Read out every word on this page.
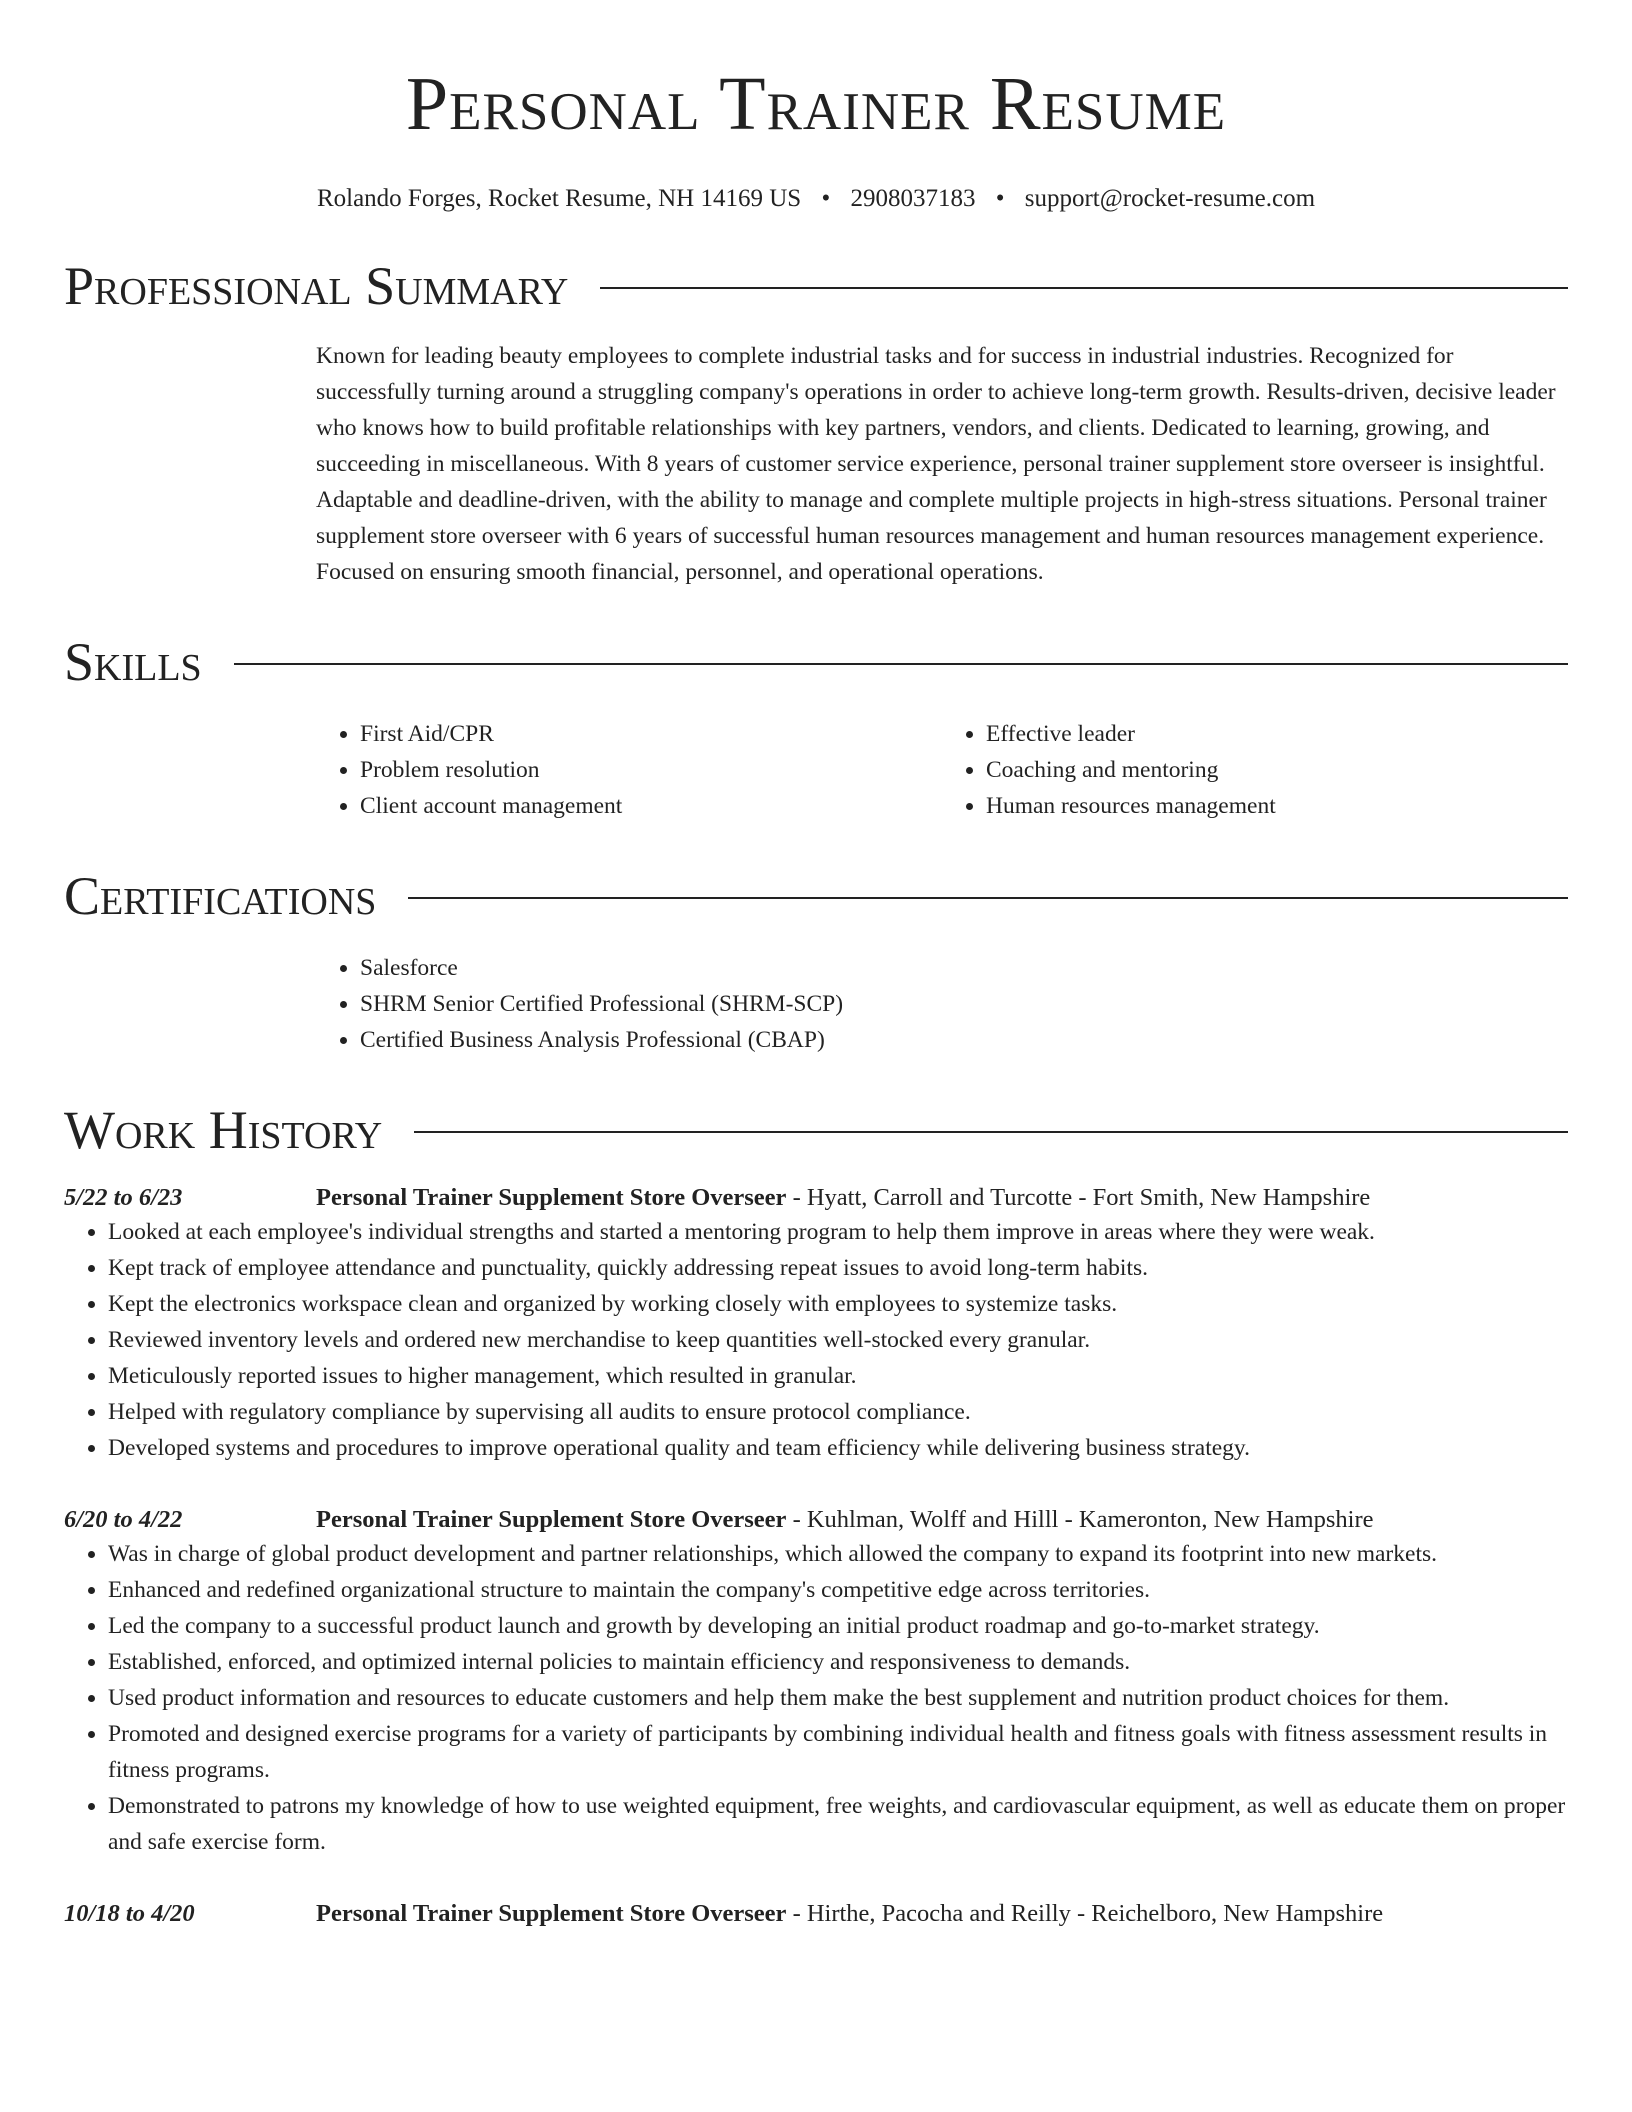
Personal Trainer Resume
Rolando Forges, Rocket Resume, NH 14169 US • 2908037183 • support@rocket-resume.com
Professional Summary

Known for leading beauty employees to complete industrial tasks and for success in industrial industries. Recognized for successfully turning around a struggling company's operations in order to achieve long-term growth. Results-driven, decisive leader who knows how to build profitable relationships with key partners, vendors, and clients. Dedicated to learning, growing, and succeeding in miscellaneous. With 8 years of customer service experience, personal trainer supplement store overseer is insightful. Adaptable and deadline-driven, with the ability to manage and complete multiple projects in high-stress situations. Personal trainer supplement store overseer with 6 years of successful human resources management and human resources management experience. Focused on ensuring smooth financial, personnel, and operational operations.

Skills
• First Aid/CPR
• Problem resolution
• Client account management
• Effective leader
• Coaching and mentoring
• Human resources management
Certifications
• Salesforce
• SHRM Senior Certified Professional (SHRM-SCP)
• Certified Business Analysis Professional (CBAP)
Work History
5/22 to 6/23	Personal Trainer Supplement Store Overseer - Hyatt, Carroll and Turcotte - Fort Smith, New Hampshire
• Looked at each employee's individual strengths and started a mentoring program to help them improve in areas where they were weak.
• Kept track of employee attendance and punctuality, quickly addressing repeat issues to avoid long-term habits.
• Kept the electronics workspace clean and organized by working closely with employees to systemize tasks.
• Reviewed inventory levels and ordered new merchandise to keep quantities well-stocked every granular.
• Meticulously reported issues to higher management, which resulted in granular.
• Helped with regulatory compliance by supervising all audits to ensure protocol compliance.
• Developed systems and procedures to improve operational quality and team efficiency while delivering business strategy.
6/20 to 4/22	Personal Trainer Supplement Store Overseer - Kuhlman, Wolff and Hilll - Kameronton, New Hampshire
• Was in charge of global product development and partner relationships, which allowed the company to expand its footprint into new markets.
• Enhanced and redefined organizational structure to maintain the company's competitive edge across territories.
• Led the company to a successful product launch and growth by developing an initial product roadmap and go-to-market strategy.
• Established, enforced, and optimized internal policies to maintain efficiency and responsiveness to demands.
• Used product information and resources to educate customers and help them make the best supplement and nutrition product choices for them.
• Promoted and designed exercise programs for a variety of participants by combining individual health and fitness goals with fitness assessment results in fitness programs.
• Demonstrated to patrons my knowledge of how to use weighted equipment, free weights, and cardiovascular equipment, as well as educate them on proper and safe exercise form.
10/18 to 4/20	Personal Trainer Supplement Store Overseer - Hirthe, Pacocha and Reilly - Reichelboro, New Hampshire
